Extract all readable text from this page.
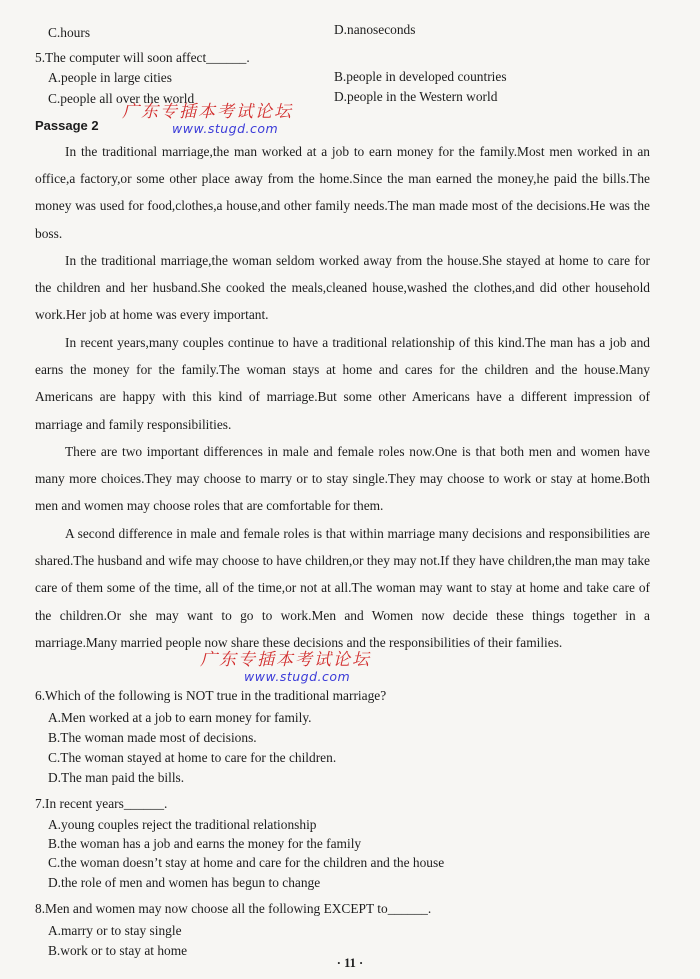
C.hours	D.nanoseconds
5.The computer will soon affect______.
A.people in large cities	B.people in developed countries
C.people all over the world	D.people in the Western world
广东专插本考试论坛
www.stugd.com
Passage 2
In the traditional marriage,the man worked at a job to earn money for the family.Most men worked in an office,a factory,or some other place away from the home.Since the man earned the money,he paid the bills.The money was used for food,clothes,a house,and other family needs.The man made most of the decisions.He was the boss.
In the traditional marriage,the woman seldom worked away from the house.She stayed at home to care for the children and her husband.She cooked the meals,cleaned house,washed the clothes,and did other household work.Her job at home was every important.
In recent years,many couples continue to have a traditional relationship of this kind.The man has a job and earns the money for the family.The woman stays at home and cares for the children and the house.Many Americans are happy with this kind of marriage.But some other Americans have a different impression of marriage and family responsibilities.
There are two important differences in male and female roles now.One is that both men and women have many more choices.They may choose to marry or to stay single.They may choose to work or stay at home.Both men and women may choose roles that are comfortable for them.
A second difference in male and female roles is that within marriage many decisions and responsibilities are shared.The husband and wife may choose to have children,or they may not.If they have children,the man may take care of them some of the time, all of the time,or not at all.The woman may want to stay at home and take care of the children.Or she may want to go to work.Men and Women now decide these things together in a marriage.Many married people now share these decisions and the responsibilities of their families.
广东专插本考试论坛
www.stugd.com
6.Which of the following is NOT true in the traditional marriage?
A.Men worked at a job to earn money for family.
B.The woman made most of decisions.
C.The woman stayed at home to care for the children.
D.The man paid the bills.
7.In recent years______.
A.young couples reject the traditional relationship
B.the woman has a job and earns the money for the family
C.the woman doesn’t stay at home and care for the children and the house
D.the role of men and women has begun to change
8.Men and women may now choose all the following EXCEPT to______.
A.marry or to stay single
B.work or to stay at home
· 11 ·
